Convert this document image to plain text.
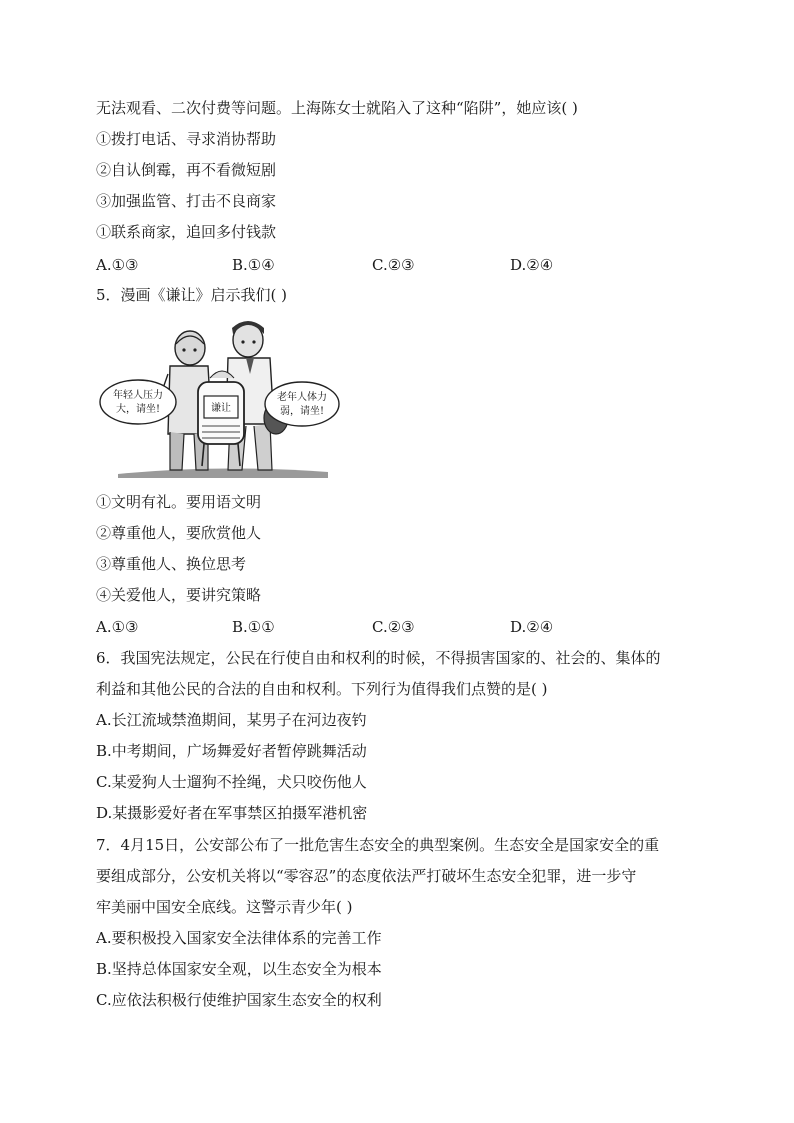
无法观看、二次付费等问题。上海陈女士就陷入了这种“陷阱”，她应该( )
①拨打电话、寻求消协帮助
②自认倒霉，再不看微短剧
③加强监管、打击不良商家
①联系商家，追回多付钱款
A.①③	B.①④	C.②③	D.②④
5．漫画《谦让》启示我们( )
谦让
年轻人压力
大，请坐!
老年人体力
弱，请坐!
①文明有礼。要用语文明
②尊重他人，要欣赏他人
③尊重他人、换位思考
④关爱他人，要讲究策略
A.①③	B.①①	C.②③	D.②④
6．我国宪法规定，公民在行使自由和权利的时候，不得损害国家的、社会的、集体的
利益和其他公民的合法的自由和权利。下列行为值得我们点赞的是( )
A.长江流域禁渔期间，某男子在河边夜钓
B.中考期间，广场舞爱好者暂停跳舞活动
C.某爱狗人士遛狗不拴绳，犬只咬伤他人
D.某摄影爱好者在军事禁区拍摄军港机密
7．4月15日，公安部公布了一批危害生态安全的典型案例。生态安全是国家安全的重
要组成部分，公安机关将以“零容忍”的态度依法严打破坏生态安全犯罪，进一步守
牢美丽中国安全底线。这警示青少年( )
A.要积极投入国家安全法律体系的完善工作
B.坚持总体国家安全观，以生态安全为根本
C.应依法积极行使维护国家生态安全的权利
